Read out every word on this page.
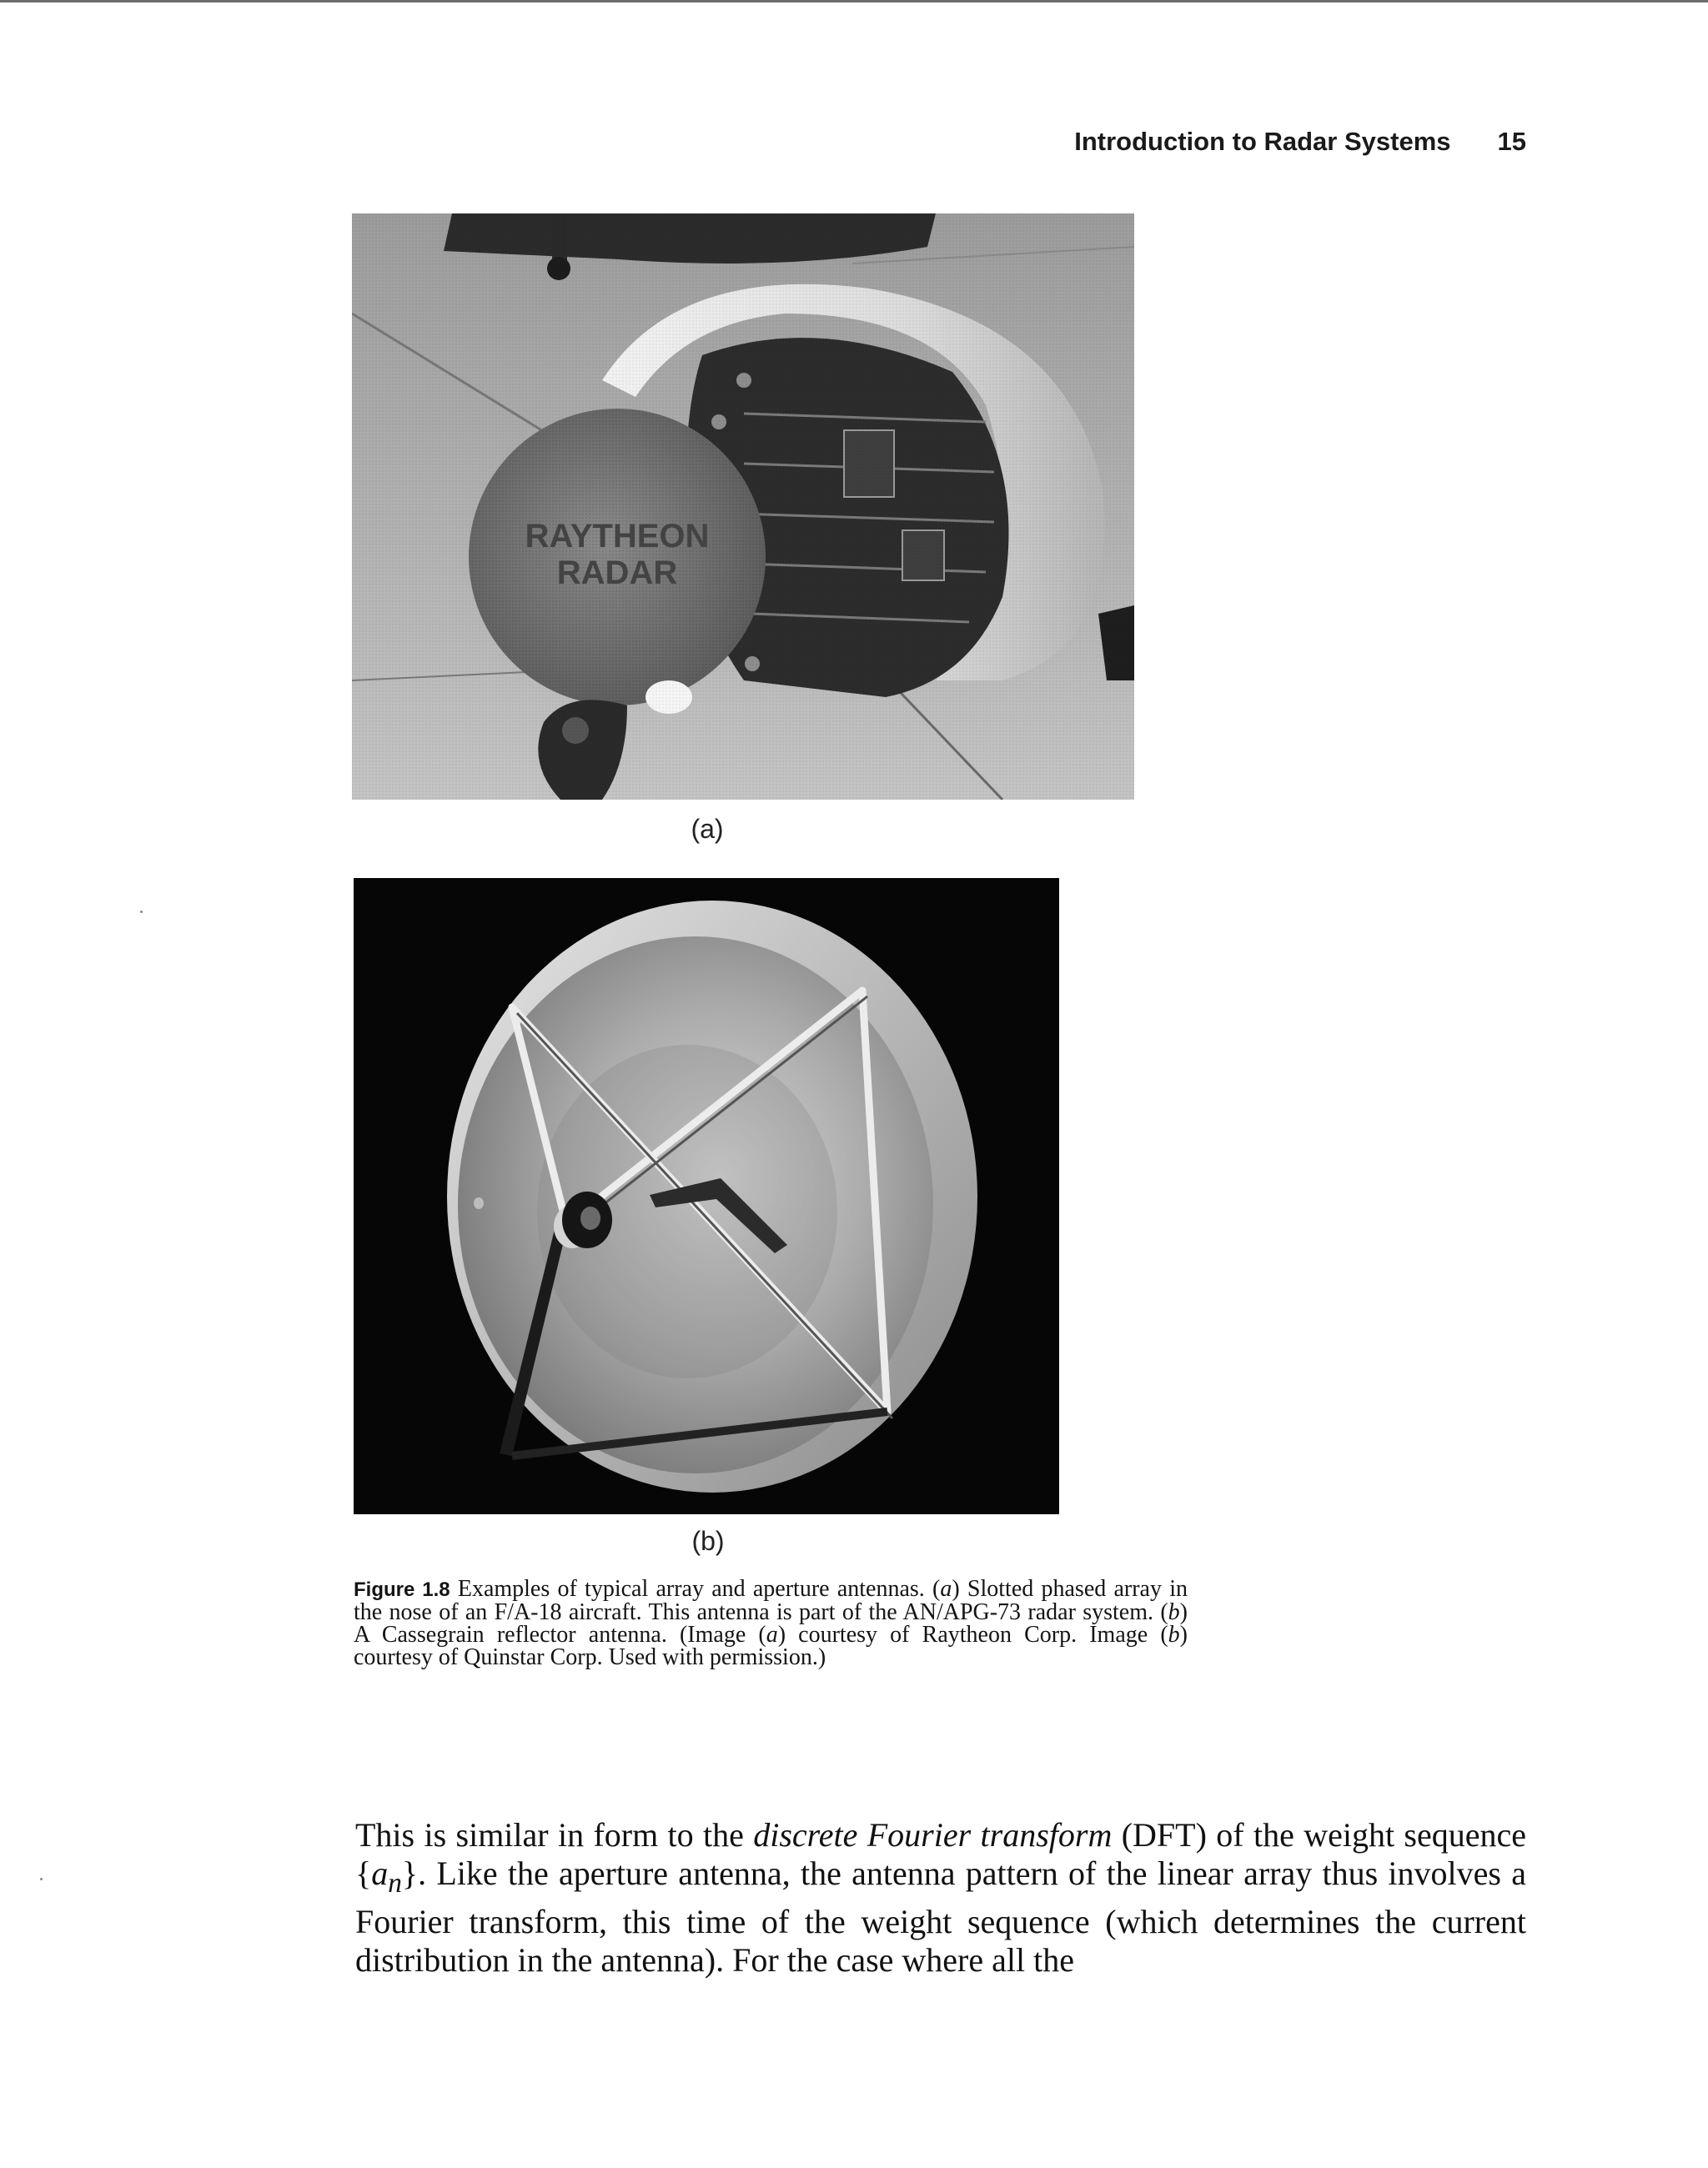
Introduction to Radar Systems 15
(a)
(b)

Figure 1.8 Examples of typical array and aperture antennas. (a) Slotted phased array in the nose of an F/A-18 aircraft. This antenna is part of the AN/APG-73 radar system. (b) A Cassegrain reflector antenna. (Image (a) courtesy of Raytheon Corp. Image (b) courtesy of Quinstar Corp. Used with permission.)

This is similar in form to the discrete Fourier transform (DFT) of the weight sequence $\{a_n\}$. Like the aperture antenna, the antenna pattern of the linear array thus involves a Fourier transform, this time of the weight sequence (which determines the current distribution in the antenna). For the case where all the
